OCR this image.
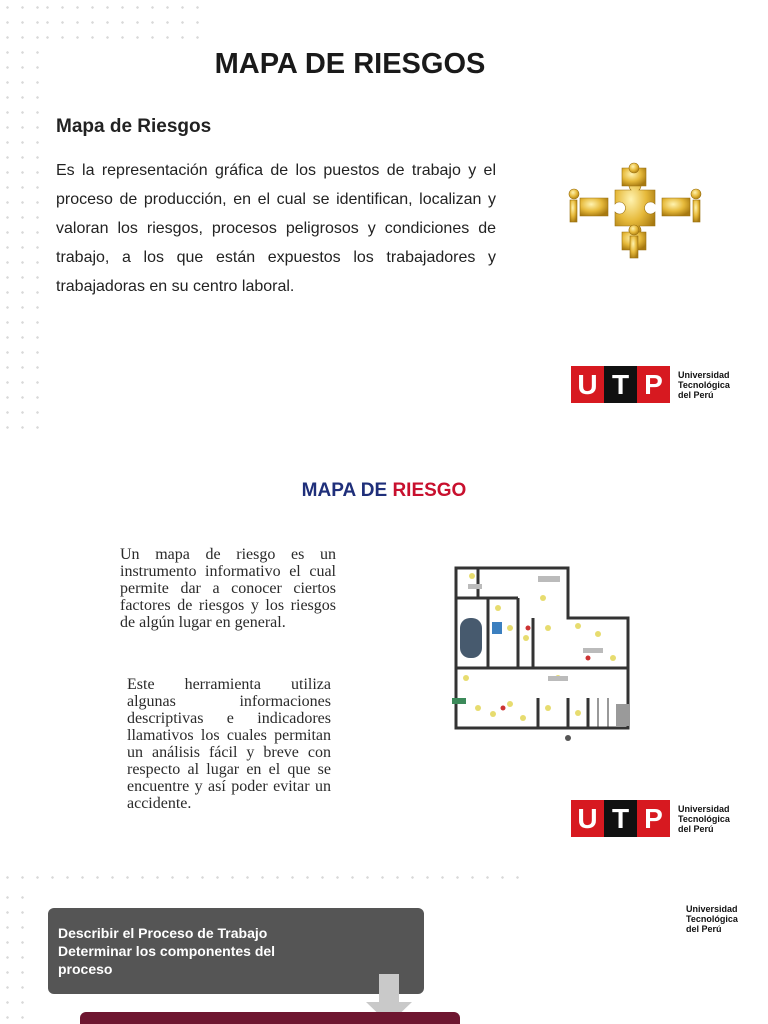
MAPA DE RIESGOS
Mapa de Riesgos
Es la representación gráfica de los puestos de trabajo y el proceso de producción, en el cual se identifican, localizan y valoran los riesgos, procesos peligrosos y condiciones de trabajo, a los que están expuestos los trabajadores y trabajadoras en su centro laboral.
U T P	Universidad
Tecnológica
del Perú
MAPA DE RIESGO
Un mapa de riesgo es un instrumento informativo el cual permite dar a conocer ciertos factores de riesgos y los riesgos de algún lugar en general.
Este herramienta utiliza algunas informaciones descriptivas e indicadores llamativos los cuales permitan un análisis fácil y breve con respecto al lugar en el que se encuentre y así poder evitar un accidente.	U T P	Universidad
Tecnológica
del Perú
Universidad
Tecnológica
del Perú
Describir el Proceso de Trabajo
Determinar los componentes del
proceso
